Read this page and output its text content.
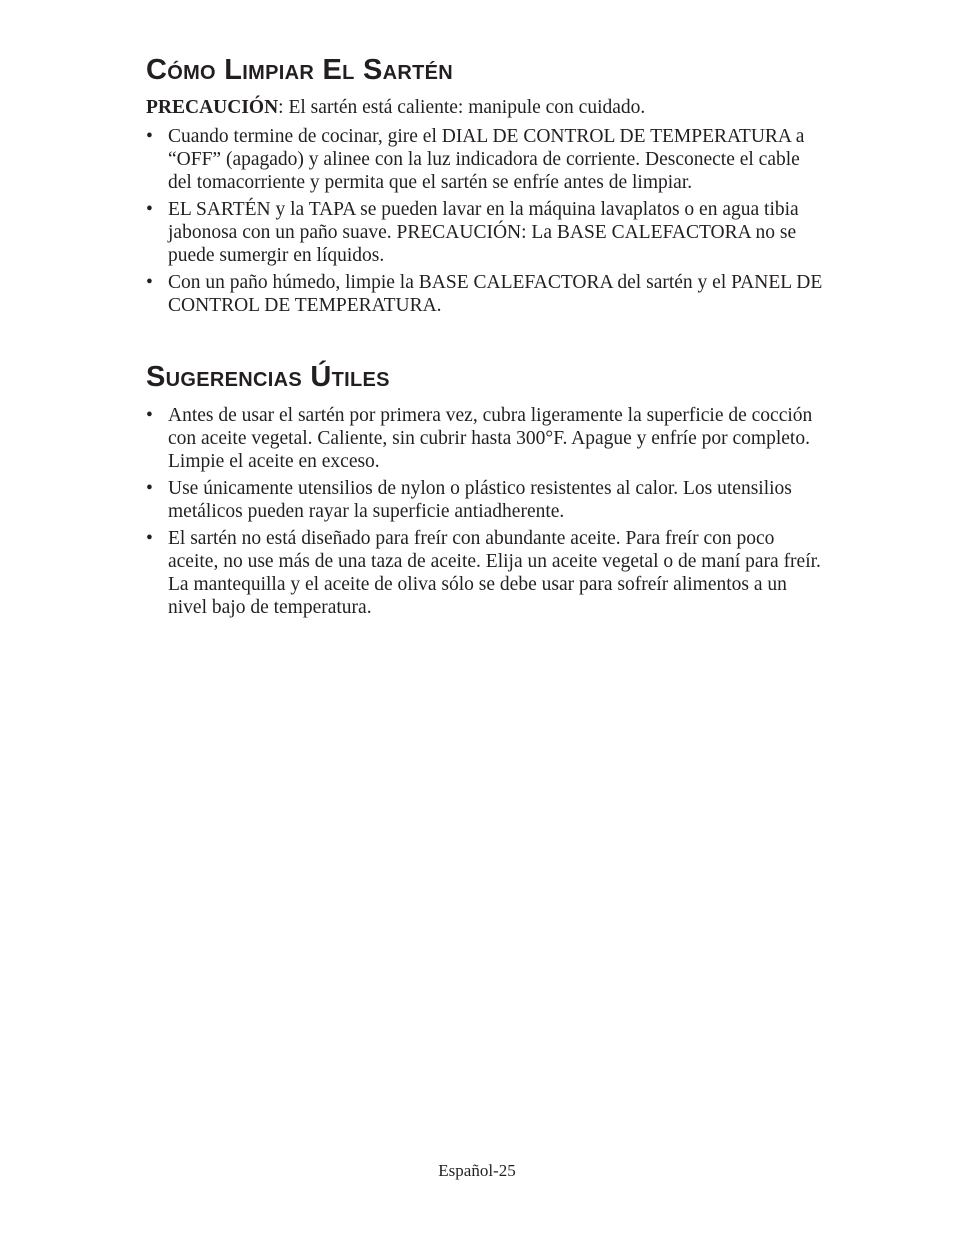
Cómo Limpiar El Sartén

PRECAUCIÓN: El sartén está caliente: manipule con cuidado.

• Cuando termine de cocinar, gire el DIAL DE CONTROL DE TEMPERATURA a “OFF” (apagado) y alinee con la luz indicadora de corriente. Desconecte el cable del tomacorriente y permita que el sartén se enfríe antes de limpiar.
• EL SARTÉN y la TAPA se pueden lavar en la máquina lavaplatos o en agua tibia jabonosa con un paño suave. PRECAUCIÓN: La BASE CALEFACTORA no se puede sumergir en líquidos.
• Con un paño húmedo, limpie la BASE CALEFACTORA del sartén y el PANEL DE CONTROL DE TEMPERATURA.
Sugerencias Útiles
• Antes de usar el sartén por primera vez, cubra ligeramente la superficie de cocción con aceite vegetal. Caliente, sin cubrir hasta 300°F. Apague y enfríe por completo. Limpie el aceite en exceso.
• Use únicamente utensilios de nylon o plástico resistentes al calor. Los utensilios metálicos pueden rayar la superficie antiadherente.
• El sartén no está diseñado para freír con abundante aceite. Para freír con poco aceite, no use más de una taza de aceite. Elija un aceite vegetal o de maní para freír. La mantequilla y el aceite de oliva sólo se debe usar para sofreír alimentos a un nivel bajo de temperatura.
Español-25
